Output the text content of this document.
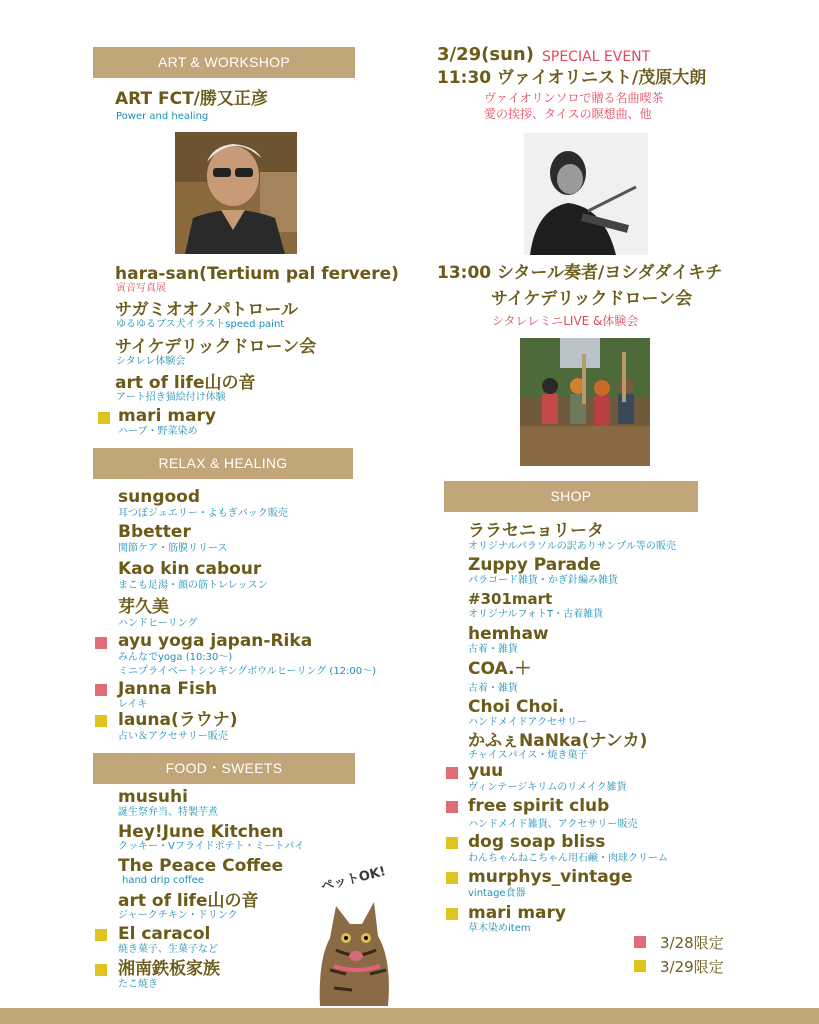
ART & WORKSHOP
ART FCT/勝又正彦
Power and healing
hara-san(Tertium pal fervere)
寅音写真展
サガミオオノパトロール
ゆるゆるブス犬イラストspeed paint
サイケデリックドローン会
シタレレ体験会
art of life山の音
アート招き猫絵付け体験
mari mary
ハーブ・野菜染め
RELAX & HEALING
sungood
耳つぼジュエリー・よもぎパック販売
Bbetter
関節ケア・筋膜リリース
Kao kin cabour
まこも足湯・顔の筋トレレッスン
芽久美
ハンドヒーリング
ayu yoga japan-Rika
みんなでyoga (10:30〜)
ミニプライベートシンギングボウルヒーリング (12:00〜)
Janna Fish
レイキ
launa(ラウナ)
占い＆アクセサリー販売
FOOD・SWEETS
musuhi
誕生祭弁当、特製芋煮
Hey!June Kitchen
クッキー・Vフライドポテト・ミートパイ
The Peace Coffee
hand drip coffee
art of life山の音
ジャークチキン・ドリンク
El caracol
焼き菓子、生菓子など
湘南鉄板家族
たこ焼き
ペットOK!
3/29(sun) SPECIAL EVENT
11:30 ヴァイオリニスト/茂原大朗
ヴァイオリンソロで贈る名曲喫茶
愛の挨拶、タイスの瞑想曲、他
13:00 シタール奏者/ヨシダダイキチ
サイケデリックドローン会
シタレレミニLIVE &体験会
SHOP
ララセニョリータ
オリジナルパラソルの訳ありサンプル等の販売
Zuppy Parade
パラコード雑貨・かぎ針編み雑貨
#301mart
オリジナルフォトT・古着雑貨
hemhaw
古着・雑貨
COA.＋
古着・雑貨
Choi Choi.
ハンドメイドアクセサリー
かふぇNaNka(ナンカ)
チャイスパイス・焼き菓子
yuu
ヴィンテージキリムのリメイク雑貨
free spirit club
ハンドメイド雑貨、アクセサリー販売
dog soap bliss
わんちゃんねこちゃん用石鹸・肉球クリーム
murphys_vintage
vintage食器
mari mary
草木染めitem
3/28限定
3/29限定
